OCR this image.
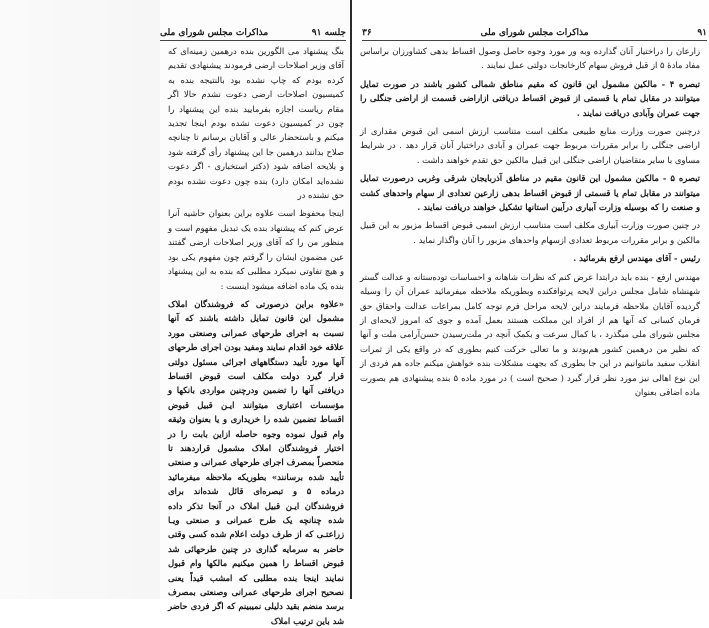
جلسه ۹۱
مذاکرات مجلس شورای ملی

بنگ پیشنهاد می الگورین بنده درهمین زمینه‌ای که آقای وزیر اصلاحات ارضی فرمودند پیشنهادی تقدیم کرده بودم که چاپ نشده بود بالنتیجه بنده به کمیسیون اصلاحات ارضی دعوت نشدم حالا اگر مقام ریاست اجازه بفرمایید بنده این پیشنهاد را چون در کمیسیون دعوت نشده بودم اینجا تجدید میکنم و باستحضار عالی و آقایان برسانم تا چنانچه صلاح بدانند درهمین جا این پیشنهاد رأی گرفته شود و بلایحه اضافه شود (دکتر استخباری - اگر دعوت نشده‌اید امکان دارد) بنده چون دعوت نشده بودم حق نشنده در

اینجا محفوظ است علاوه براین بعنوان حاشیه آنرا عرض کنم که پیشنهاد بنده یک تبدیل مفهوم است و منظور من را که آقای وزیر اصلاحات ارضی گفتند عین مضمون ایشان را گرفتم چون مفهوم یکی بود و هیچ تفاوتی نمیکرد مطلبی که بنده به این پیشنهاد بنده یک ماده اضافه میشود اینست :

«علاوه براین درصورتی که فروشندگان املاک مشمول این قانون تمایل داشته باشند که آنها نسبت به اجرای طرحهای عمرانی وصنعتی مورد علاقه خود اقدام نمایند ومفید بودن اجرای طرحهای آنها مورد تأیید دستگاههای اجرائی مسئول دولتی قرار گیرد دولت مکلف است قبوض اقساط دریافتی آنها را تضمین ودرچنین مواردی بانکها و مؤسسات اعتباری میتوانند ایـن قبیل قبوض اقساط تضمین شده را خریداری و یا بعنوان وثیقه وام قبول نموده وجوه حاصله ازاین بابت را در اختیار فروشندگان املاک مشمول قراردهند تا منحصراً بمصرف اجرای طرحهای عمرانی و صنعتی تأیید شده برسانند» بطوریکه ملاحظه میفرمائید درماده ۵ و تبصره‌ای قائل شده‌اند برای فروشندگان ایـن قبیل املاک در آنجا تذکر داده شده چنانچه یک طرح عمرانی و صنعتی ویـا زراعتـی که از طرف دولت اعلام شده کسی وقتی حاضر به سرمایه گذاری در چنین طرحهائی شد قبوض اقساط را همین میکنیم مالکها وام قبول نمایند اینجا بنده مطلبی که امشب قیداً یعنی نصحیح اجرای طرحهای عمرانی وصنعتی بمصرف برسد منضم بقید دلیلی نمیبینم که اگر فردی حاضر شد باین ترتیب املاک

۹۱
مذاکرات مجلس شورای ملی
۳۶

زارعان را دراختیار آنان گذارده وبه ور مورد وجوه حاصل وصول اقساط بدهی کشاورزان براساس مفاد مادهٔ ۵ از قبل فروش سهام کارخانجات دولتی عمل نمایند .

تبصره ۴ - مالکین مشمول این قانون که مقیم مناطق شمالی کشور باشند در صورت تمایل میتوانند در مقابل تمام یا قسمتی از قبوض اقساط دریافتی ازاراضی قسمت از اراضی جنگلی را جهت عمران وآبادی دریافت نمایند .

درچنین صورت وزارت منابع طبیعی مکلف است متناسب ارزش اسمی این قبوض مقداری از اراضی جنگلی را برابر مقررات مربوط جهت عمران و آبادی دراختیار آنان قرار دهد . در شرایط مساوی با سایر متقاضیان اراضی جنگلی این قبیل مالکین حق تقدم خواهند داشت .

تبصره ۵ - مالکین مشمول این قانون مقیم در مناطق آذربایجان شرقی وغربی درصورت تمایل میتوانند در مقابل تمام یا قسمتی از قبوض اقساط بدهی زارعین تعدادی از سهام واحدهای کشت و صنعت را که بوسیله وزارت آبیاری درآیین استانها تشکیل خواهند دریافت نمایند .

در چنین صورت وزارت آبیاری مکلف است متناسب ارزش اسمی قبوض اقساط مزبور به این قبیل مالکین و برابر مقررات مربوط تعدادی ازسهام واحدهای مزبور را آنان واگذار نماید .

رئیس - آقای مهندس ارفع بفرمائید .

مهندس ارفع - بنده باید درابتدا عرض کنم که نظرات شاهانه و احساسات توده‌ستانه و عدالت گستر شهنشاه شامل مجلس دراین لایحه پرتوافکنده وبطوریکه ملاحظه میفرمائید عمران آن را وسیله گردیده آقایان ملاحظه فرمایند دراین لایحه مراحل فرم توجه کامل بمراعات عدالت واحقاق حق فرمان کسانی که آنها هم از افراد این مملکت هستند بعمل آمده و جوی که امروز لایحه‌ای از مجلس شورای ملی میگذرد ، با کمال سرعت و بکمک آنچه در ملت‌رسیدن حسن‌آرامی ملت و آنها که نظیر من درهمین کشور هم‌بودند و ما تعالی حرکت کنیم بطوری که در واقع یکی از ثمرات انقلاب سفید مانتوانیم در این جا بطوری که بجهت مشکلات بنده خواهش میکنم جاده هم فردی از این نوع اهالی نیز مورد نظر قرار گیرد ( صحیح است ) در مورد ماده ۵ بنده پیشنهادی هم بصورت ماده اضافی بعنوان
